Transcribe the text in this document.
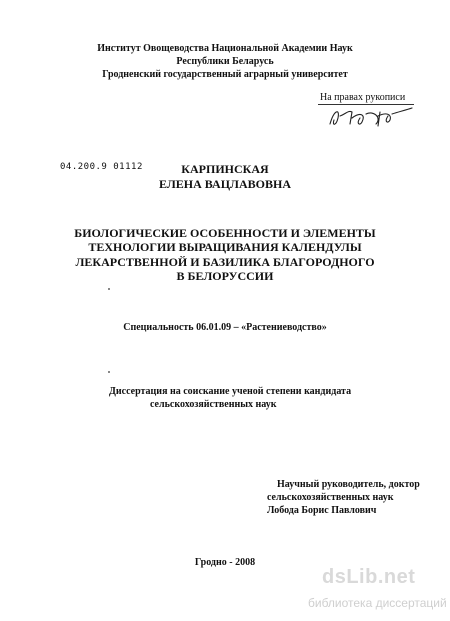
Институт Овощеводства Национальной Академии Наук
Республики Беларусь
Гродненский государственный аграрный университет
На правах рукописи
04.200.9 01112	КАРПИНСКАЯ
ЕЛЕНА ВАЦЛАВОВНА
БИОЛОГИЧЕСКИЕ ОСОБЕННОСТИ И ЭЛЕМЕНТЫ
ТЕХНОЛОГИИ ВЫРАЩИВАНИЯ КАЛЕНДУЛЫ
ЛЕКАРСТВЕННОЙ И БАЗИЛИКА БЛАГОРОДНОГО
В БЕЛОРУССИИ
Специальность 06.01.09 – «Растениеводство»
Диссертация на соискание ученой степени кандидата
сельскохозяйственных наук
Научный руководитель, доктор
сельскохозяйственных наук
Лобода Борис Павлович
Гродно - 2008
dsLib.net
библиотека диссертаций
